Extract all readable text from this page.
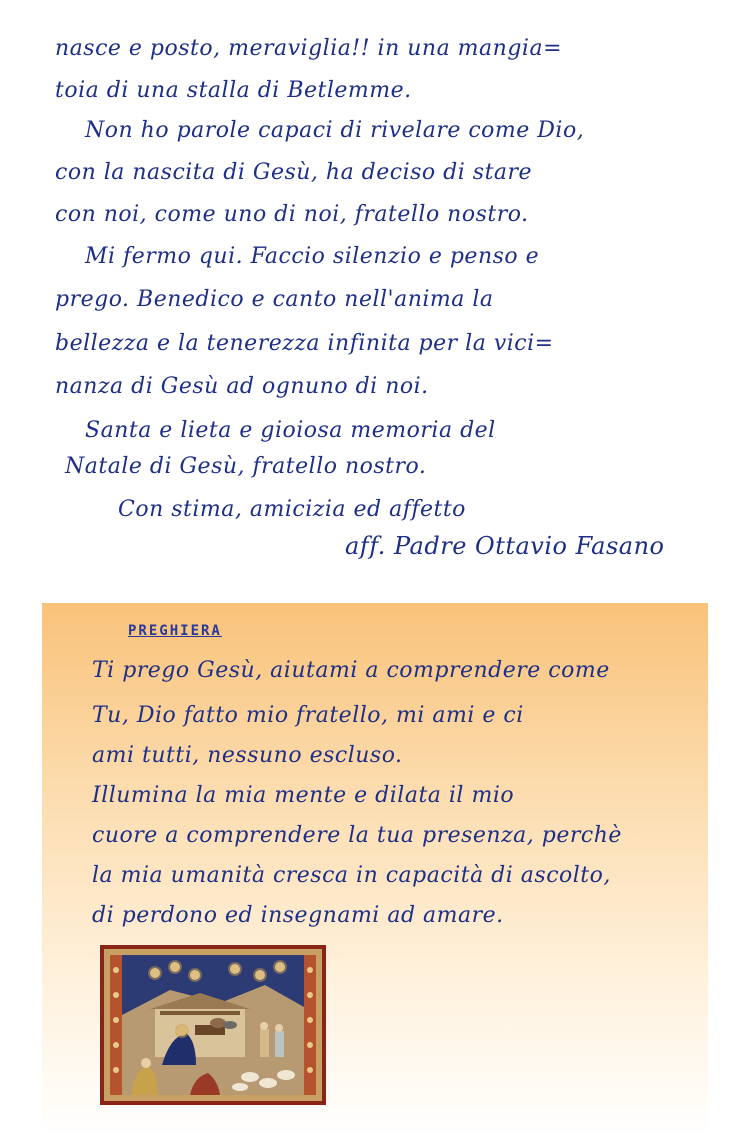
nasce e posto, meraviglia!! in una mangia=
toia di una stalla di Betlemme.
Non ho parole capaci di rivelare come Dio,
con la nascita di Gesù, ha deciso di stare
con noi, come uno di noi, fratello nostro.
Mi fermo qui. Faccio silenzio e penso e
prego. Benedico e canto nell'anima la
bellezza e la tenerezza infinita per la vici=
nanza di Gesù ad ognuno di noi.
Santa e lieta e gioiosa memoria del
Natale di Gesù, fratello nostro.
Con stima, amicizia ed affetto
aff. Padre Ottavio Fasano
PREGHIERA
Ti prego Gesù, aiutami a comprendere come
Tu, Dio fatto mio fratello, mi ami e ci
ami tutti, nessuno escluso.
Illumina la mia mente e dilata il mio
cuore a comprendere la tua presenza, perchè
la mia umanità cresca in capacità di ascolto,
di perdono ed insegnami ad amare.
